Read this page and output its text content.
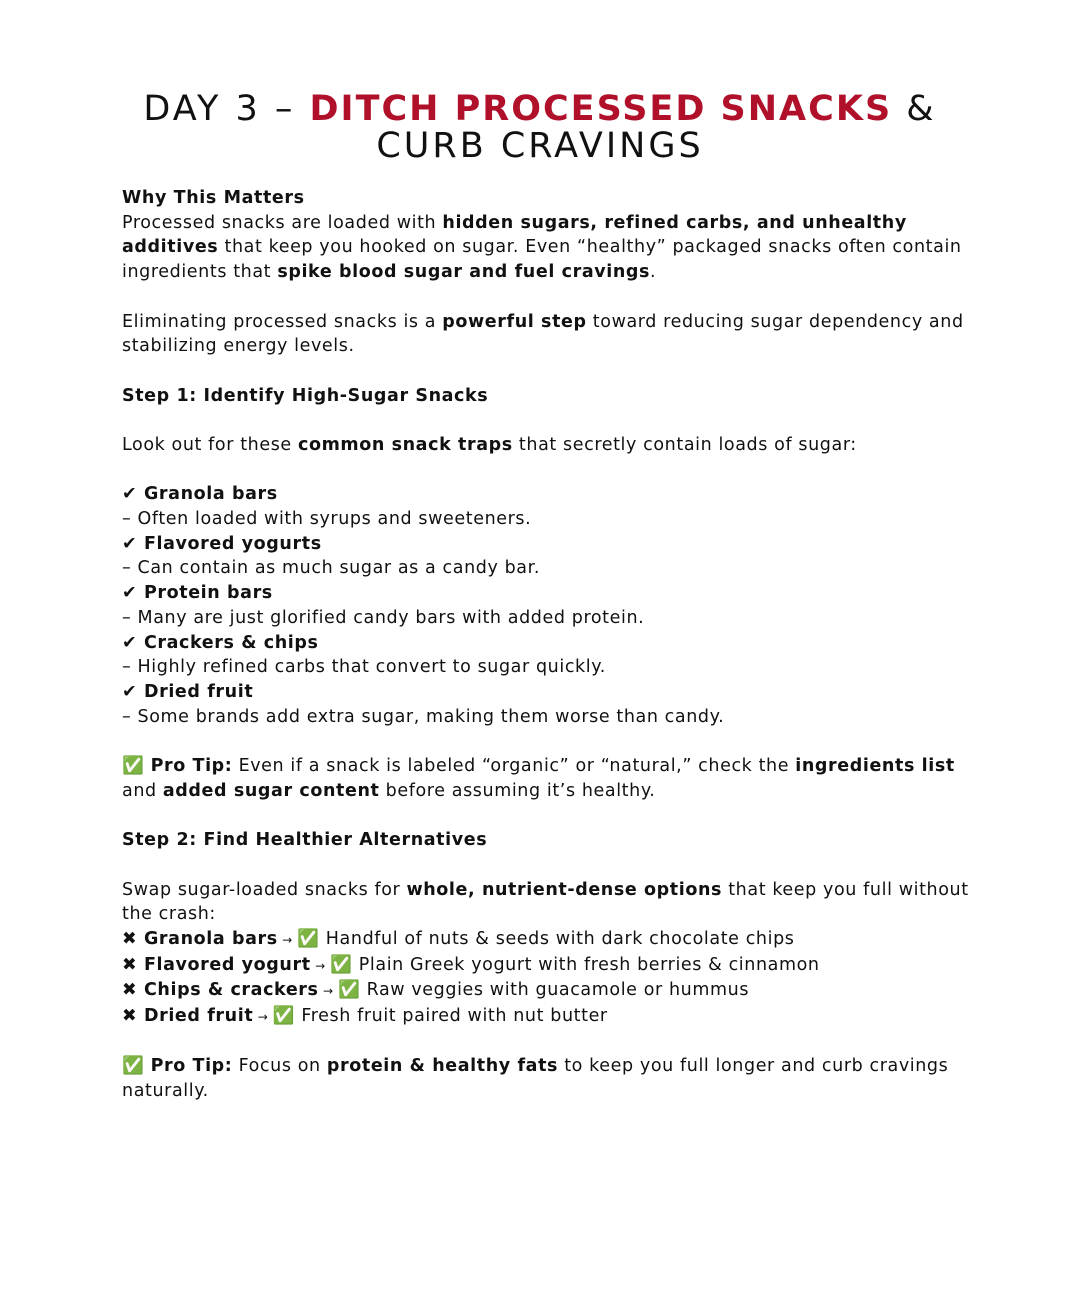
DAY 3 – DITCH PROCESSED SNACKS &
CURB CRAVINGS

Why This Matters

Processed snacks are loaded with hidden sugars, refined carbs, and unhealthy additives that keep you hooked on sugar. Even “healthy” packaged snacks often contain ingredients that spike blood sugar and fuel cravings.

Eliminating processed snacks is a powerful step toward reducing sugar dependency and stabilizing energy levels.

Step 1: Identify High-Sugar Snacks

Look out for these common snack traps that secretly contain loads of sugar:

✔ Granola bars

– Often loaded with syrups and sweeteners.

✔ Flavored yogurts

– Can contain as much sugar as a candy bar.

✔ Protein bars

– Many are just glorified candy bars with added protein.

✔ Crackers & chips

– Highly refined carbs that convert to sugar quickly.

✔ Dried fruit

– Some brands add extra sugar, making them worse than candy.

✅ Pro Tip: Even if a snack is labeled “organic” or “natural,” check the ingredients list and added sugar content before assuming it’s healthy.

Step 2: Find Healthier Alternatives

Swap sugar-loaded snacks for whole, nutrient-dense options that keep you full without the crash:

✖ Granola bars → ✅ Handful of nuts & seeds with dark chocolate chips

✖ Flavored yogurt → ✅ Plain Greek yogurt with fresh berries & cinnamon

✖ Chips & crackers → ✅ Raw veggies with guacamole or hummus

✖ Dried fruit → ✅ Fresh fruit paired with nut butter

✅ Pro Tip: Focus on protein & healthy fats to keep you full longer and curb cravings naturally.
